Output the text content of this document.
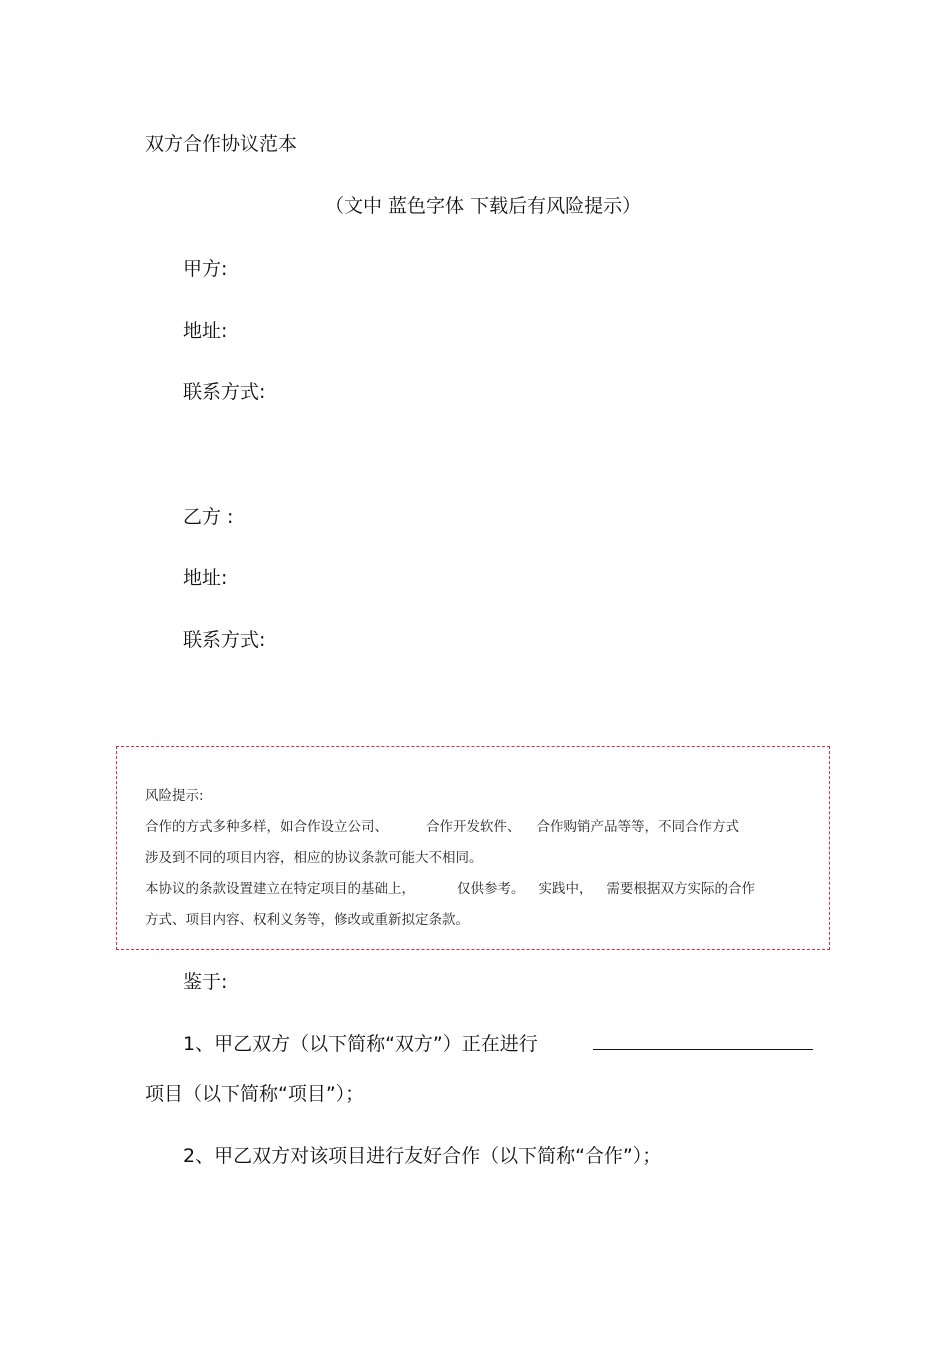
双方合作协议范本
（文中 蓝色字体 下载后有风险提示）
甲方:
地址:
联系方式:
乙方 :
地址:
联系方式:
风险提示:
合作的方式多种多样，如合作设立公司、	合作开发软件、 合作购销产品等等，不同合作方式
涉及到不同的项目内容，相应的协议条款可能大不相同。
本协议的条款设置建立在特定项目的基础上，	仅供参考。 实践中， 需要根据双方实际的合作
方式、项目内容、权利义务等，修改或重新拟定条款。
鉴于:
1、甲乙双方（以下简称“双方”）正在进行
项目（以下简称“项目”）；
2、甲乙双方对该项目进行友好合作（以下简称“合作”）；
